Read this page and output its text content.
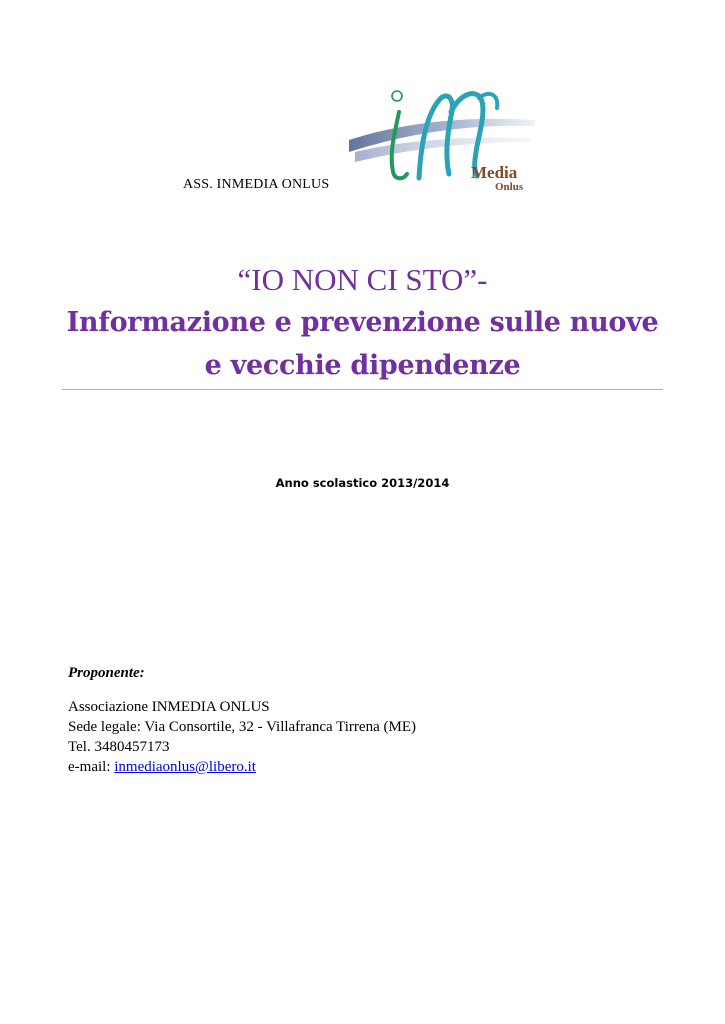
Media
Onlus
ASS. INMEDIA ONLUS
“IO NON CI STO”-
Informazione e prevenzione sulle nuove
e vecchie dipendenze
Anno scolastico 2013/2014
Proponente:
Associazione INMEDIA ONLUS
Sede legale: Via Consortile, 32 - Villafranca Tirrena (ME)
Tel. 3480457173
e-mail: inmediaonlus@libero.it
